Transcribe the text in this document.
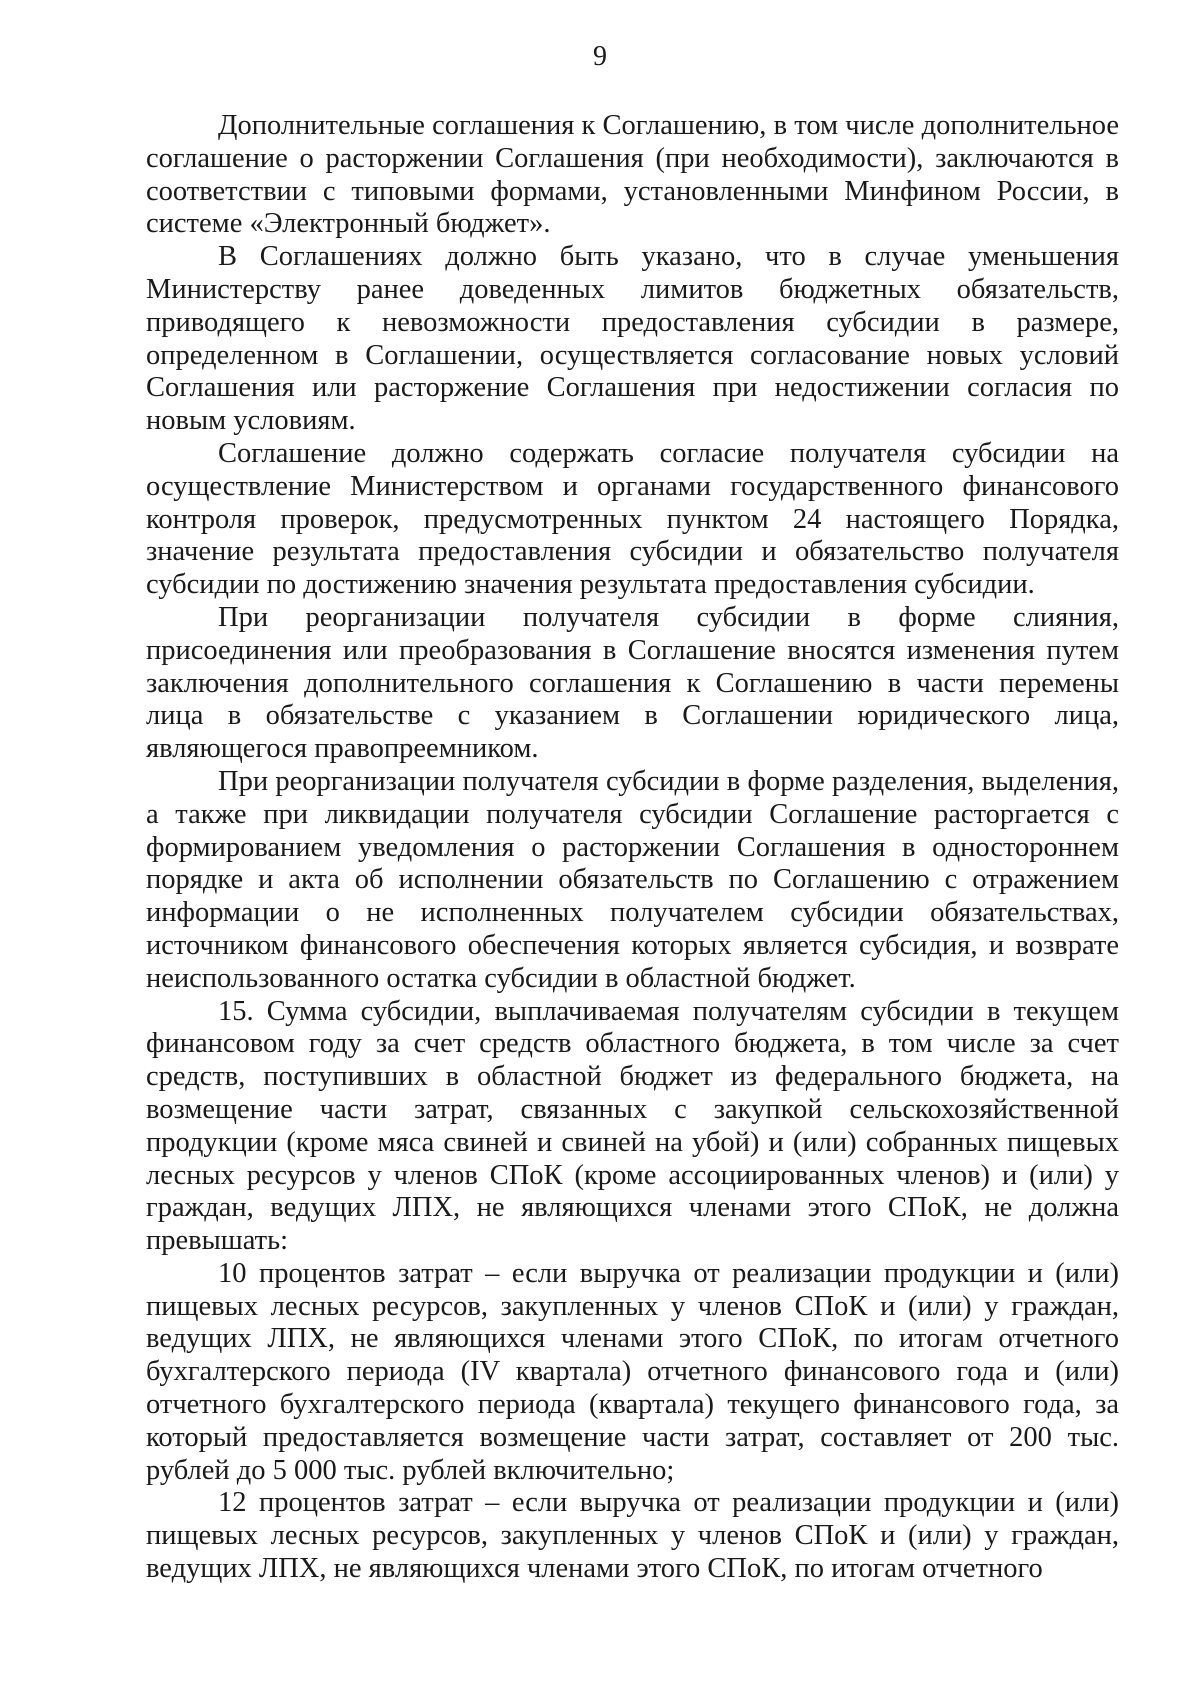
9

Дополнительные соглашения к Соглашению, в том числе дополнительное соглашение о расторжении Соглашения (при необходимости), заключаются в соответствии с типовыми формами, установленными Минфином России, в системе «Электронный бюджет».

В Соглашениях должно быть указано, что в случае уменьшения Министерству ранее доведенных лимитов бюджетных обязательств, приводящего к невозможности предоставления субсидии в размере, определенном в Соглашении, осуществляется согласование новых условий Соглашения или расторжение Соглашения при недостижении согласия по новым условиям.

Соглашение должно содержать согласие получателя субсидии на осуществление Министерством и органами государственного финансового контроля проверок, предусмотренных пунктом 24 настоящего Порядка, значение результата предоставления субсидии и обязательство получателя субсидии по достижению значения результата предоставления субсидии.

При реорганизации получателя субсидии в форме слияния, присоединения или преобразования в Соглашение вносятся изменения путем заключения дополнительного соглашения к Соглашению в части перемены лица в обязательстве с указанием в Соглашении юридического лица, являющегося правопреемником.

При реорганизации получателя субсидии в форме разделения, выделения, а также при ликвидации получателя субсидии Соглашение расторгается с формированием уведомления о расторжении Соглашения в одностороннем порядке и акта об исполнении обязательств по Соглашению с отражением информации о не исполненных получателем субсидии обязательствах, источником финансового обеспечения которых является субсидия, и возврате неиспользованного остатка субсидии в областной бюджет.

15. Сумма субсидии, выплачиваемая получателям субсидии в текущем финансовом году за счет средств областного бюджета, в том числе за счет средств, поступивших в областной бюджет из федерального бюджета, на возмещение части затрат, связанных с закупкой сельскохозяйственной продукции (кроме мяса свиней и свиней на убой) и (или) собранных пищевых лесных ресурсов у членов СПоК (кроме ассоциированных членов) и (или) у граждан, ведущих ЛПХ, не являющихся членами этого СПоК, не должна превышать:

10 процентов затрат – если выручка от реализации продукции и (или) пищевых лесных ресурсов, закупленных у членов СПоК и (или) у граждан, ведущих ЛПХ, не являющихся членами этого СПоК, по итогам отчетного бухгалтерского периода (IV квартала) отчетного финансового года и (или) отчетного бухгалтерского периода (квартала) текущего финансового года, за который предоставляется возмещение части затрат, составляет от 200 тыс. рублей до 5 000 тыс. рублей включительно;

12 процентов затрат – если выручка от реализации продукции и (или) пищевых лесных ресурсов, закупленных у членов СПоК и (или) у граждан, ведущих ЛПХ, не являющихся членами этого СПоК, по итогам отчетного
